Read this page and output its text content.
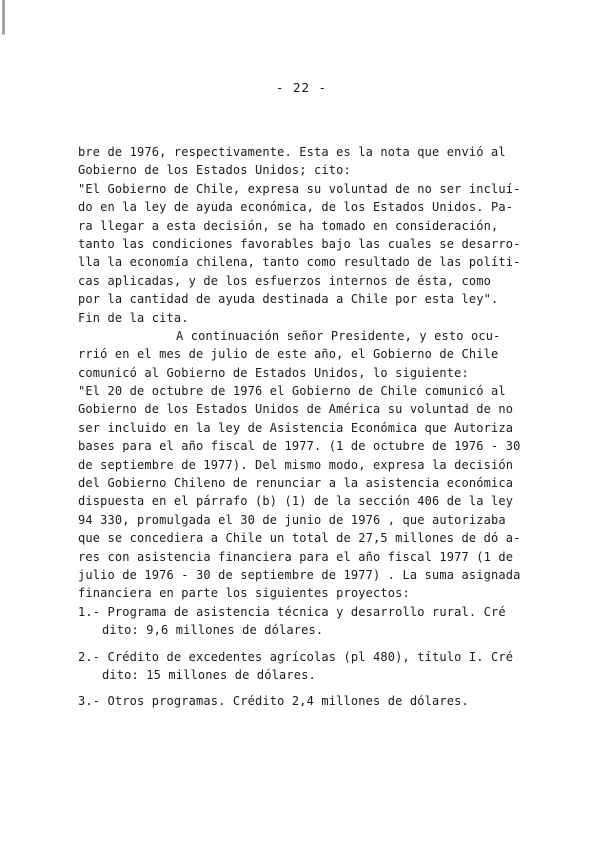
- 22 -
bre de 1976, respectivamente. Esta es la nota que envió al
Gobierno de los Estados Unidos; cito:
"El Gobierno de Chile, expresa su voluntad de no ser incluí-
do en la ley de ayuda económica, de los Estados Unidos. Pa-
ra llegar a esta decisión, se ha tomado en consideración,
tanto las condiciones favorables bajo las cuales se desarro-
lla la economía chilena, tanto como resultado de las políti-
cas aplicadas, y de los esfuerzos internos de ésta, como
por la cantidad de ayuda destinada a Chile por esta ley".
Fin de la cita.
A continuación señor Presidente, y esto ocu-
rrió en el mes de julio de este año, el Gobierno de Chile
comunicó al Gobierno de Estados Unidos, lo siguiente:
"El 20 de octubre de 1976 el Gobierno de Chile comunicó al
Gobierno de los Estados Unidos de América su voluntad de no
ser incluido en la ley de Asistencia Económica que Autoriza
bases para el año fiscal de 1977. (1 de octubre de 1976 - 30
de septiembre de 1977). Del mismo modo, expresa la decisión
del Gobierno Chileno de renunciar a la asistencia económica
dispuesta en el párrafo (b) (1) de la sección 406 de la ley
94 330, promulgada el 30 de junio de 1976 , que autorizaba
que se concediera a Chile un total de 27,5 millones de dó a-
res con asistencia financiera para el año fiscal 1977 (1 de
julio de 1976 - 30 de septiembre de 1977) . La suma asignada
financiera en parte los siguientes proyectos:
1.- Programa de asistencia técnica y desarrollo rural. Cré
dito: 9,6 millones de dólares.
2.- Crédito de excedentes agrícolas (pl 480), título I. Cré
dito: 15 millones de dólares.
3.- Otros programas. Crédito 2,4 millones de dólares.
